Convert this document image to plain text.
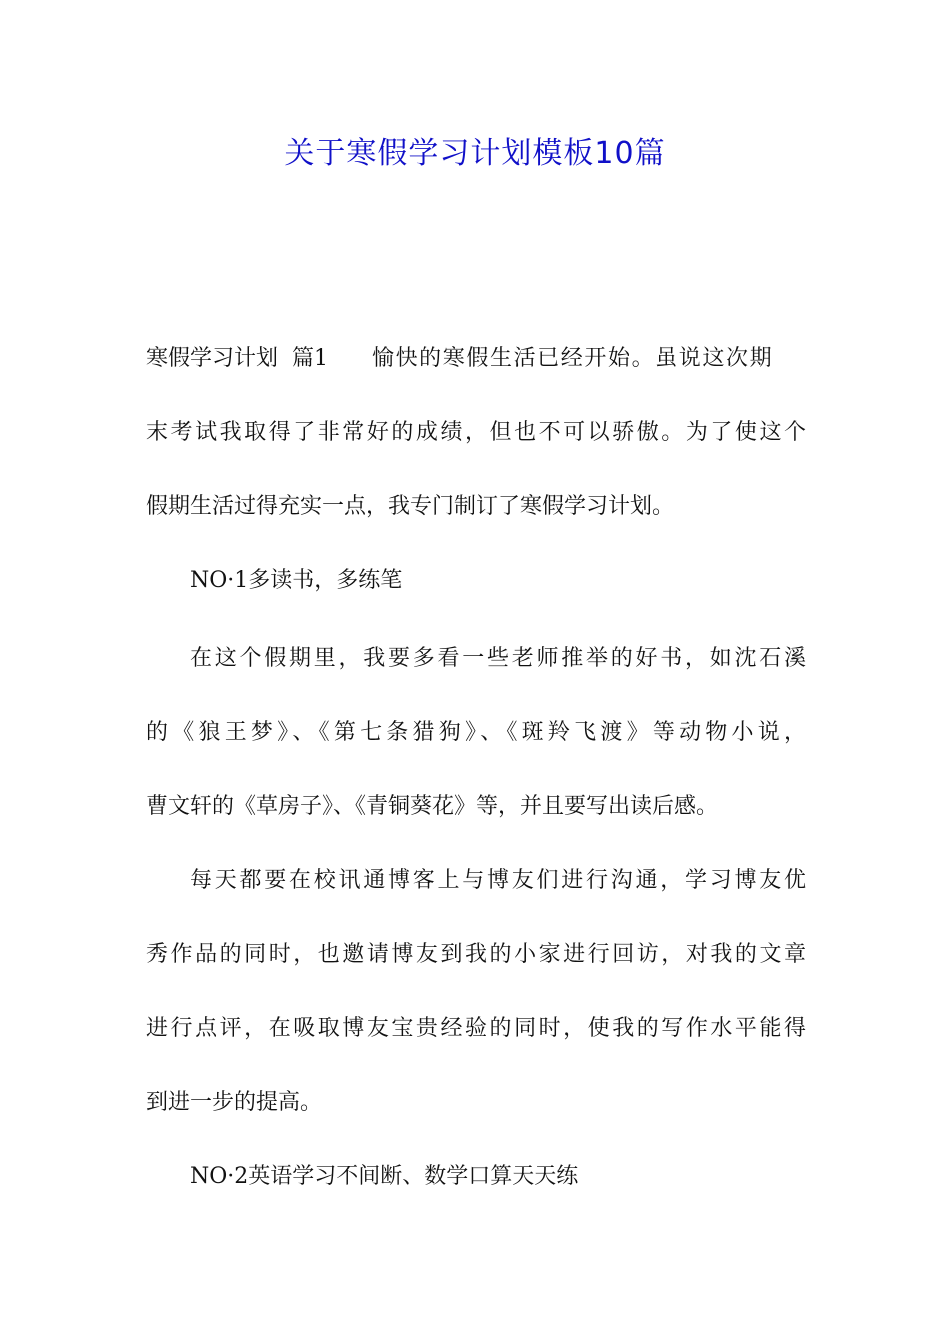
关于寒假学习计划模板10篇
寒假学习计划  篇1 愉快的寒假生活已经开始。虽说这次期
末考试我取得了非常好的成绩，但也不可以骄傲。为了使这个
假期生活过得充实一点，我专门制订了寒假学习计划。
NO·1多读书，多练笔
在这个假期里，我要多看一些老师推举的好书，如沈石溪
的《狼王梦》、《第七条猎狗》、《斑羚飞渡》等动物小说，
曹文轩的《草房子》、《青铜葵花》等，并且要写出读后感。
每天都要在校讯通博客上与博友们进行沟通，学习博友优
秀作品的同时，也邀请博友到我的小家进行回访，对我的文章
进行点评，在吸取博友宝贵经验的同时，使我的写作水平能得
到进一步的提高。
NO·2英语学习不间断、数学口算天天练
